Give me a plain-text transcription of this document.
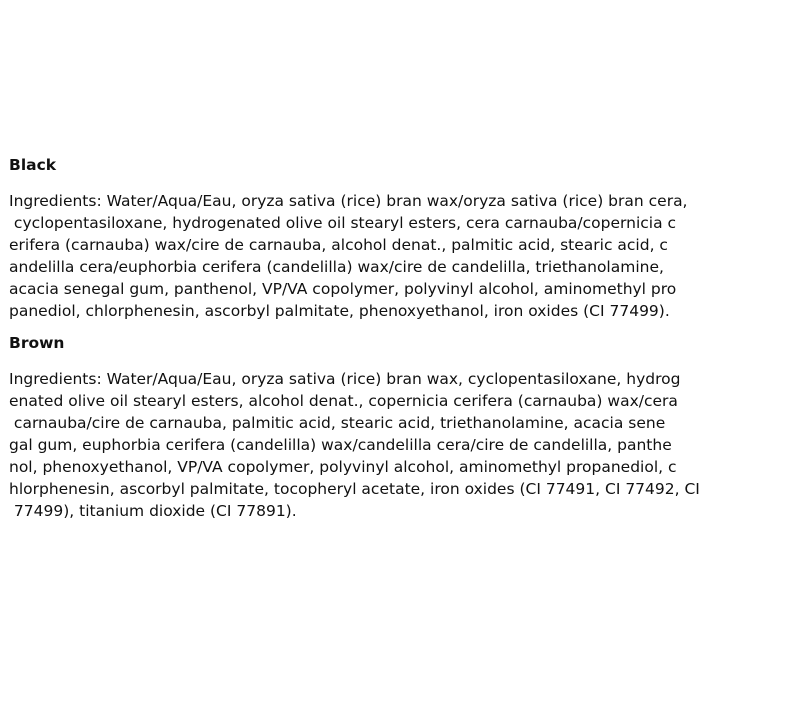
Black

Ingredients: Water/Aqua/Eau, oryza sativa (rice) bran wax/oryza sativa (rice) bran cera,
cyclopentasiloxane, hydrogenated olive oil stearyl esters, cera carnauba/copernicia c
erifera (carnauba) wax/cire de carnauba, alcohol denat., palmitic acid, stearic acid, c
andelilla cera/euphorbia cerifera (candelilla) wax/cire de candelilla, triethanolamine,
acacia senegal gum, panthenol, VP/VA copolymer, polyvinyl alcohol, aminomethyl pro
panediol, chlorphenesin, ascorbyl palmitate, phenoxyethanol, iron oxides (CI 77499).

Brown

Ingredients: Water/Aqua/Eau, oryza sativa (rice) bran wax, cyclopentasiloxane, hydrog
enated olive oil stearyl esters, alcohol denat., copernicia cerifera (carnauba) wax/cera
carnauba/cire de carnauba, palmitic acid, stearic acid, triethanolamine, acacia sene
gal gum, euphorbia cerifera (candelilla) wax/candelilla cera/cire de candelilla, panthe
nol, phenoxyethanol, VP/VA copolymer, polyvinyl alcohol, aminomethyl propanediol, c
hlorphenesin, ascorbyl palmitate, tocopheryl acetate, iron oxides (CI 77491, CI 77492, CI
77499), titanium dioxide (CI 77891).
